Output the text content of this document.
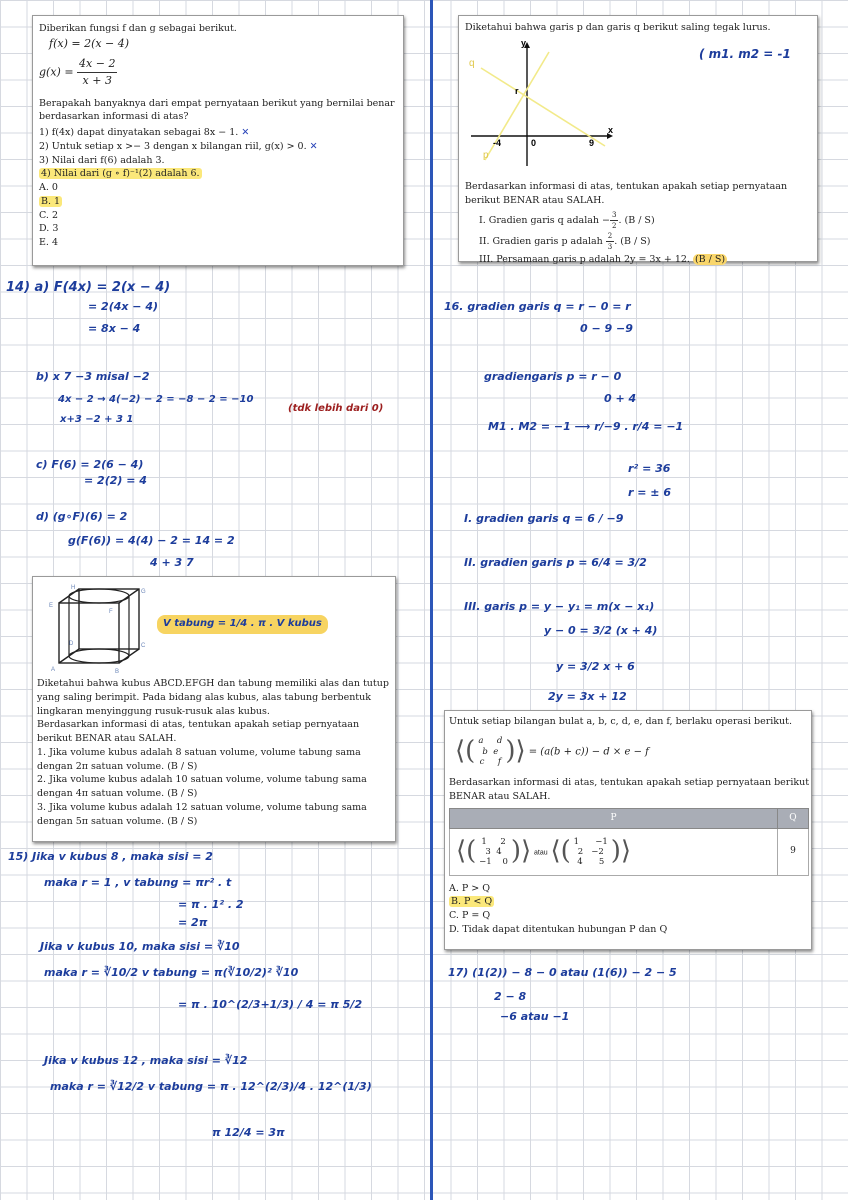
Diberikan fungsi f dan g sebagai berikut.

f(x) = 2(x − 4)

$g(x) = \frac{4x - 2}{x + 3}$

Berapakah banyaknya dari empat pernyataan berikut yang bernilai benar berdasarkan informasi di atas?

1) f(4x) dapat dinyatakan sebagai 8x − 1. ✕

2) Untuk setiap x >− 3 dengan x bilangan riil, g(x) > 0. ✕

3) Nilai dari f(6) adalah 3.

4) Nilai dari (g ∘ f)⁻¹(2) adalah 6.

A. 0

B. 1

C. 2

D. 3

E. 4

Diketahui bahwa garis p dan garis q berikut saling tegak lurus.

y
x
r
q
p
-4	0	9
( m1. m2 = -1

Berdasarkan informasi di atas, tentukan apakah setiap pernyataan berikut BENAR atau SALAH.

I. Gradien garis q adalah − $\frac{3}{2}$ . (B / S)

II. Gradien garis p adalah $\frac{2}{3}$ . (B / S)

III. Persamaan garis p adalah 2y = 3x + 12. (B / S)

H
G
E
F
D	C
A	B
V tabung = 1/4 . π . V kubus

Diketahui bahwa kubus ABCD.EFGH dan tabung memiliki alas dan tutup yang saling berimpit. Pada bidang alas kubus, alas tabung berbentuk lingkaran menyinggung rusuk-rusuk alas kubus.

Berdasarkan informasi di atas, tentukan apakah setiap pernyataan berikut BENAR atau SALAH.

1. Jika volume kubus adalah 8 satuan volume, volume tabung sama dengan 2π satuan volume. (B / S)

2. Jika volume kubus adalah 10 satuan volume, volume tabung sama dengan 4π satuan volume. (B / S)

3. Jika volume kubus adalah 12 satuan volume, volume tabung sama dengan 5π satuan volume. (B / S)

Untuk setiap bilangan bulat a, b, c, d, e, dan f, berlaku operasi berikut.

⟨( a d
b e
c f )⟩ = (a(b + c)) − d × e − f

Berdasarkan informasi di atas, tentukan apakah setiap pernyataan berikut BENAR atau SALAH.

P	Q
⟨( 1 2
3 4
−1 0 )⟩ atau ⟨( 1 −1
2 −2
4 5 )⟩	9

A. P > Q

B. P < Q

C. P = Q

D. Tidak dapat ditentukan hubungan P dan Q

14) a) F(4x) = 2(x − 4)
= 2(4x − 4)
= 8x − 4
b) x 7 −3 misal −2
4x − 2 → 4(−2) − 2 = −8 − 2 = −10
(tdk lebih dari 0)
x+3 −2 + 3 1
c) F(6) = 2(6 − 4)
= 2(2) = 4
d) (g∘F)(6) = 2
g(F(6)) = 4(4) − 2 = 14 = 2
4 + 3 7
15) Jika v kubus 8 , maka sisi = 2
maka r = 1 , v tabung = πr² . t
= π . 1² . 2
= 2π
Jika v kubus 10, maka sisi = ∛10
maka r = ∛10/2 v tabung = π(∛10/2)² ∛10
= π . 10^(2/3+1/3) / 4 = π 5/2
Jika v kubus 12 , maka sisi = ∛12
maka r = ∛12/2 v tabung = π . 12^(2/3)/4 . 12^(1/3)
π 12/4 = 3π
16. gradien garis q = r − 0 = r
0 − 9 −9
gradiengaris p = r − 0
0 + 4
M1 . M2 = −1 ⟶ r/−9 . r/4 = −1
r² = 36
r = ± 6
I. gradien garis q = 6 / −9
II. gradien garis p = 6/4 = 3/2
III. garis p = y − y₁ = m(x − x₁)
y − 0 = 3/2 (x + 4)
y = 3/2 x + 6
2y = 3x + 12
17) (1(2)) − 8 − 0 atau (1(6)) − 2 − 5
2 − 8
−6 atau −1
